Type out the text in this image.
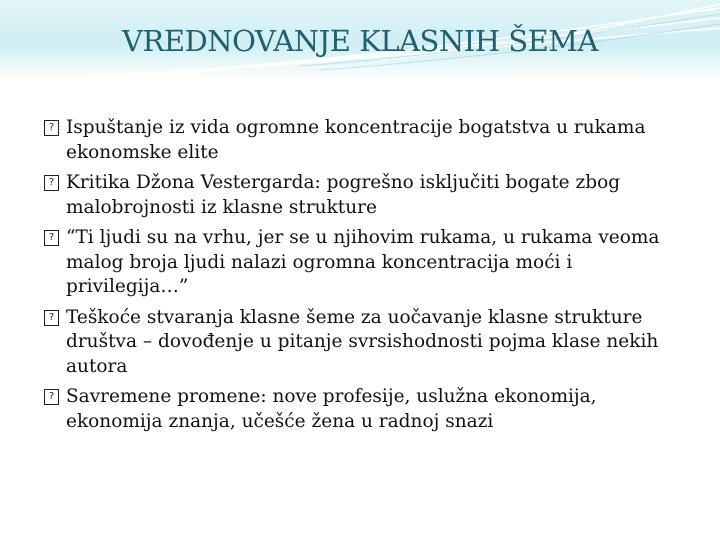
VREDNOVANJE KLASNIH ŠEMA
? Ispuštanje iz vida ogromne koncentracije bogatstva u rukama ekonomske elite
? Kritika Džona Vestergarda: pogrešno isključiti bogate zbog malobrojnosti iz klasne strukture
? “Ti ljudi su na vrhu, jer se u njihovim rukama, u rukama veoma malog broja ljudi nalazi ogromna koncentracija moći i privilegija…”
? Teškoće stvaranja klasne šeme za uočavanje klasne strukture društva – dovođenje u pitanje svrsishodnosti pojma klase nekih autora
? Savremene promene: nove profesije, uslužna ekonomija, ekonomija znanja, učešće žena u radnoj snazi
